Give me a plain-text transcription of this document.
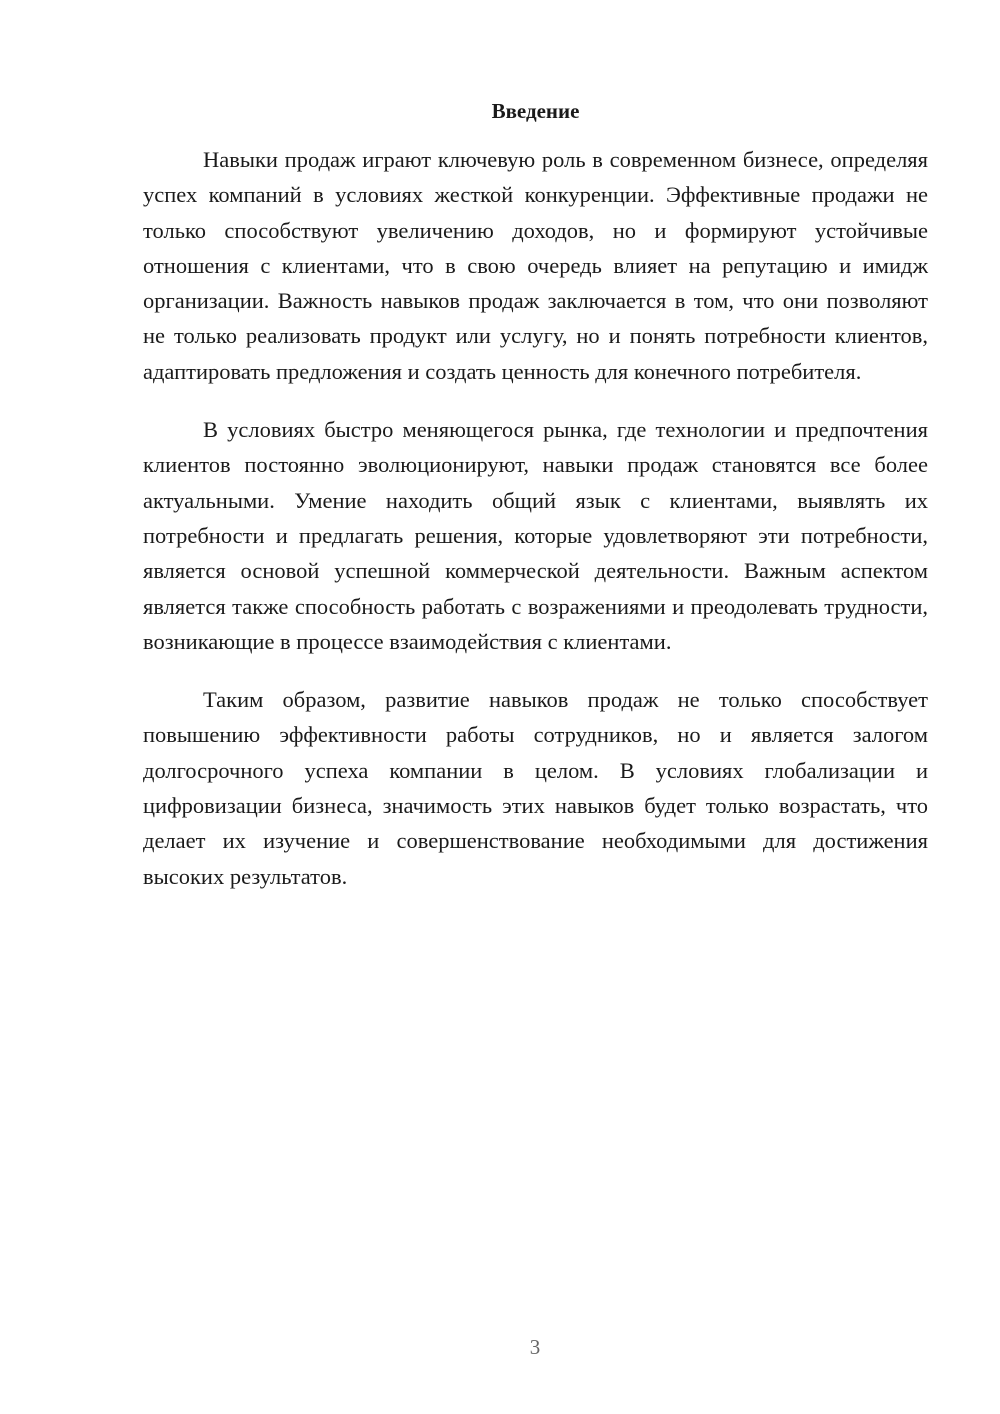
Введение

Навыки продаж играют ключевую роль в современном бизнесе, определяя успех компаний в условиях жесткой конкуренции. Эффективные продажи не только способствуют увеличению доходов, но и формируют устойчивые отношения с клиентами, что в свою очередь влияет на репутацию и имидж организации. Важность навыков продаж заключается в том, что они позволяют не только реализовать продукт или услугу, но и понять потребности клиентов, адаптировать предложения и создать ценность для конечного потребителя.

В условиях быстро меняющегося рынка, где технологии и предпочтения клиентов постоянно эволюционируют, навыки продаж становятся все более актуальными. Умение находить общий язык с клиентами, выявлять их потребности и предлагать решения, которые удовлетворяют эти потребности, является основой успешной коммерческой деятельности. Важным аспектом является также способность работать с возражениями и преодолевать трудности, возникающие в процессе взаимодействия с клиентами.

Таким образом, развитие навыков продаж не только способствует повышению эффективности работы сотрудников, но и является залогом долгосрочного успеха компании в целом. В условиях глобализации и цифровизации бизнеса, значимость этих навыков будет только возрастать, что делает их изучение и совершенствование необходимыми для достижения высоких результатов.

3
